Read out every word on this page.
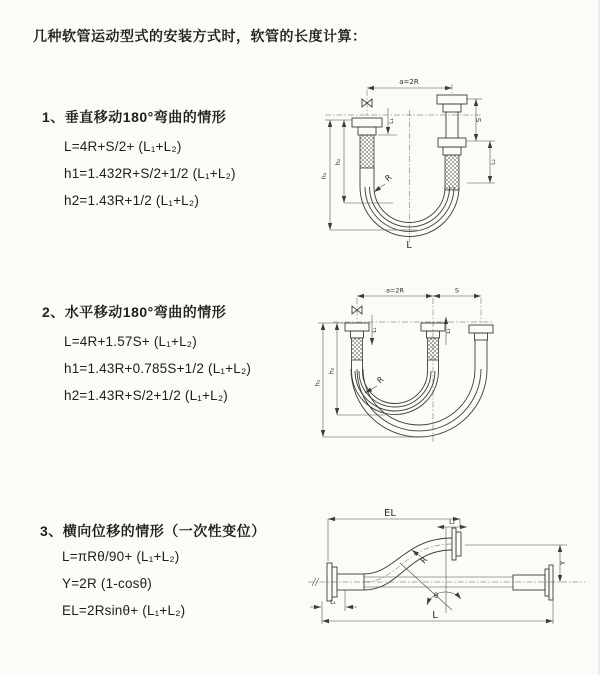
几种软管运动型式的安装方式时，软管的长度计算：
1、垂直移动180°弯曲的情形
L=4R+S/2+ (L₁+L₂)
h1=1.432R+S/2+1/2 (L₁+L₂)
h2=1.43R+1/2 (L₁+L₂)
2、水平移动180°弯曲的情形
L=4R+1.57S+ (L₁+L₂)
h1=1.43R+0.785S+1/2 (L₁+L₂)
h2=1.43R+S/2+1/2 (L₁+L₂)
3、横向位移的情形（一次性变位）
L=πRθ/90+ (L₁+L₂)
Y=2R (1-cosθ)
EL=2Rsinθ+ (L₁+L₂)
a=2R
L₁	S
L₂
h₁
h₂
R
L
a=2R	S
L₁	L₂
h₁
h₂
R
EL
L₂
θ
R	Y
L₁
L
